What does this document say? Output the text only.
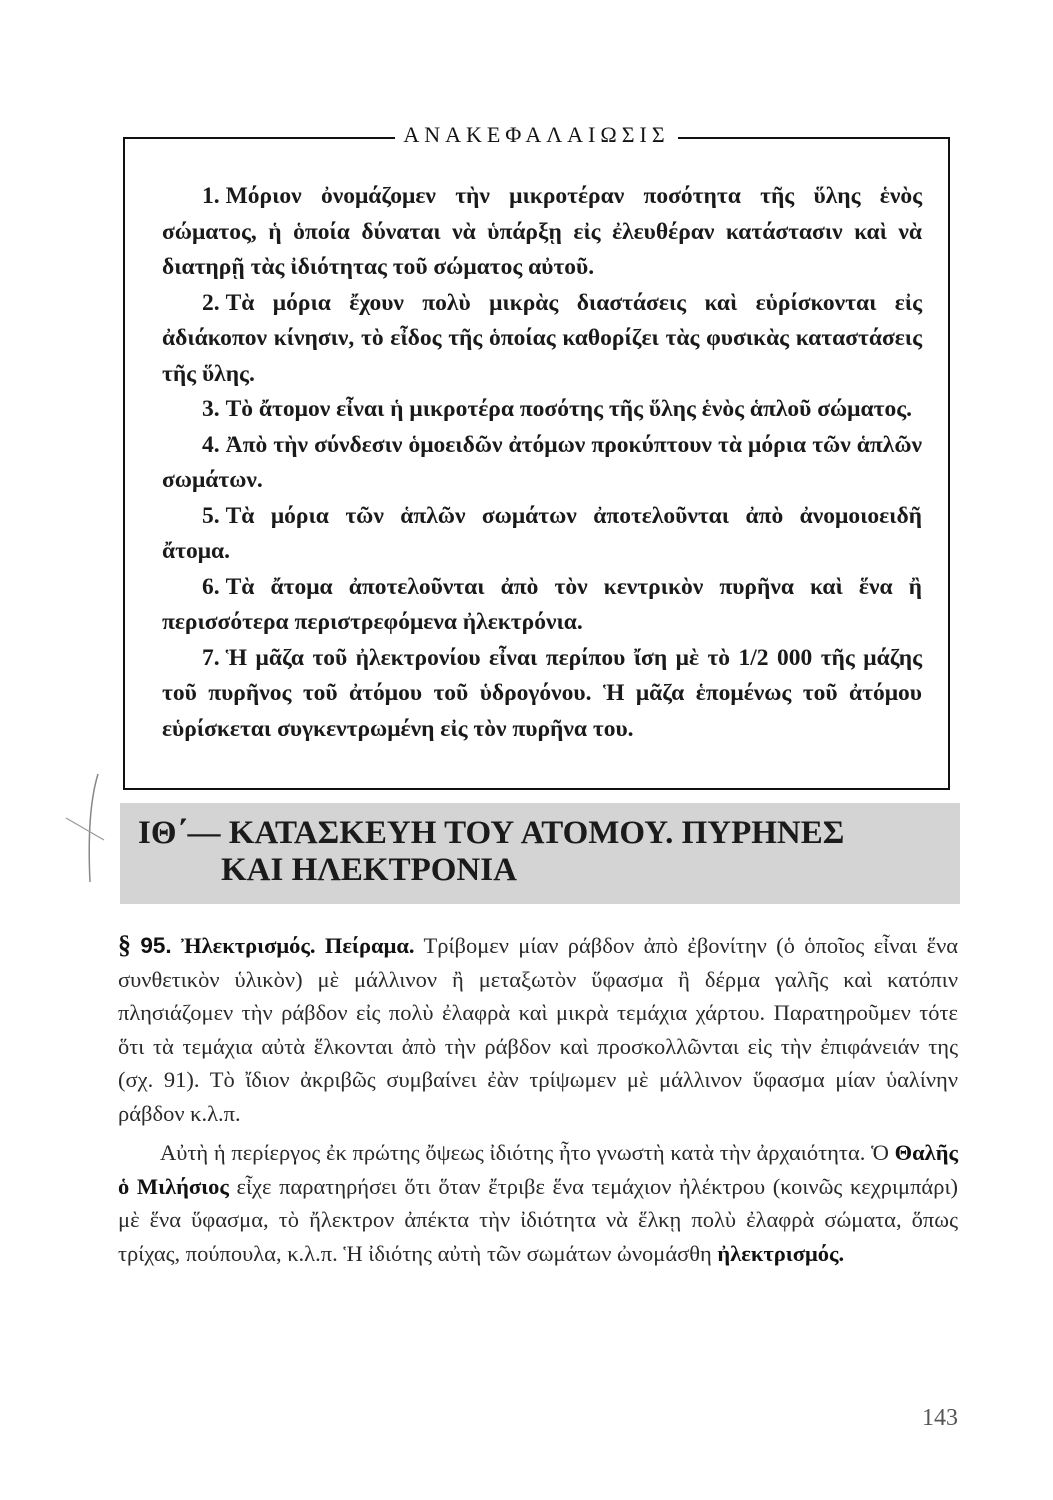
ΑΝΑΚΕΦΑΛΑΙΩΣΙΣ

1. Μόριον ὀνομάζομεν τὴν μικροτέραν ποσότητα τῆς ὕλης ἑνὸς σώματος, ἡ ὁποία δύναται νὰ ὑπάρξῃ εἰς ἐλευθέραν κατάστασιν καὶ νὰ διατηρῇ τὰς ἰδιότητας τοῦ σώματος αὐτοῦ.

2. Τὰ μόρια ἔχουν πολὺ μικρὰς διαστάσεις καὶ εὑρίσκονται εἰς ἀδιάκοπον κίνησιν, τὸ εἶδος τῆς ὁποίας καθορίζει τὰς φυσικὰς καταστάσεις τῆς ὕλης.

3. Τὸ ἄτομον εἶναι ἡ μικροτέρα ποσότης τῆς ὕλης ἑνὸς ἁπλοῦ σώματος.

4. Ἀπὸ τὴν σύνδεσιν ὁμοειδῶν ἀτόμων προκύπτουν τὰ μόρια τῶν ἁπλῶν σωμάτων.

5. Τὰ μόρια τῶν ἁπλῶν σωμάτων ἀποτελοῦνται ἀπὸ ἀνομοιοειδῆ ἄτομα.

6. Τὰ ἄτομα ἀποτελοῦνται ἀπὸ τὸν κεντρικὸν πυρῆνα καὶ ἕνα ἢ περισσότερα περιστρεφόμενα ἠλεκτρόνια.

7. Ἡ μᾶζα τοῦ ἠλεκτρονίου εἶναι περίπου ἴση μὲ τὸ 1/2 000 τῆς μάζης τοῦ πυρῆνος τοῦ ἀτόμου τοῦ ὑδρογόνου. Ἡ μᾶζα ἑπομένως τοῦ ἀτόμου εὑρίσκεται συγκεντρωμένη εἰς τὸν πυρῆνα του.

ΙΘ΄— ΚΑΤΑΣΚΕΥΗ ΤΟΥ ΑΤΟΜΟΥ. ΠΥΡΗΝΕΣ
ΚΑΙ ΗΛΕΚΤΡΟΝΙΑ

§ 95. Ἠλεκτρισμός. Πείραμα. Τρίβομεν μίαν ράβδον ἀπὸ ἐβονίτην (ὁ ὁποῖος εἶναι ἕνα συνθετικὸν ὑλικὸν) μὲ μάλλινον ἢ μεταξωτὸν ὕφασμα ἢ δέρμα γαλῆς καὶ κατόπιν πλησιάζομεν τὴν ράβδον εἰς πολὺ ἐλαφρὰ καὶ μικρὰ τεμάχια χάρτου. Παρατηροῦμεν τότε ὅτι τὰ τεμάχια αὐτὰ ἕλκονται ἀπὸ τὴν ράβδον καὶ προσκολλῶνται εἰς τὴν ἐπιφάνειάν της (σχ. 91). Τὸ ἴδιον ἀκριβῶς συμβαίνει ἐὰν τρίψωμεν μὲ μάλλινον ὕφασμα μίαν ὑαλίνην ράβδον κ.λ.π.

Αὐτὴ ἡ περίεργος ἐκ πρώτης ὄψεως ἰδιότης ἦτο γνωστὴ κατὰ τὴν ἀρχαιότητα. Ὁ Θαλῆς ὁ Μιλήσιος εἶχε παρατηρήσει ὅτι ὅταν ἔτριβε ἕνα τεμάχιον ἠλέκτρου (κοινῶς κεχριμπάρι) μὲ ἕνα ὕφασμα, τὸ ἤλεκτρον ἀπέκτα τὴν ἰδιότητα νὰ ἕλκῃ πολὺ ἐλαφρὰ σώματα, ὅπως τρίχας, πούπουλα, κ.λ.π. Ἡ ἰδιότης αὐτὴ τῶν σωμάτων ὠνομάσθη ἠλεκτρισμός.

143
